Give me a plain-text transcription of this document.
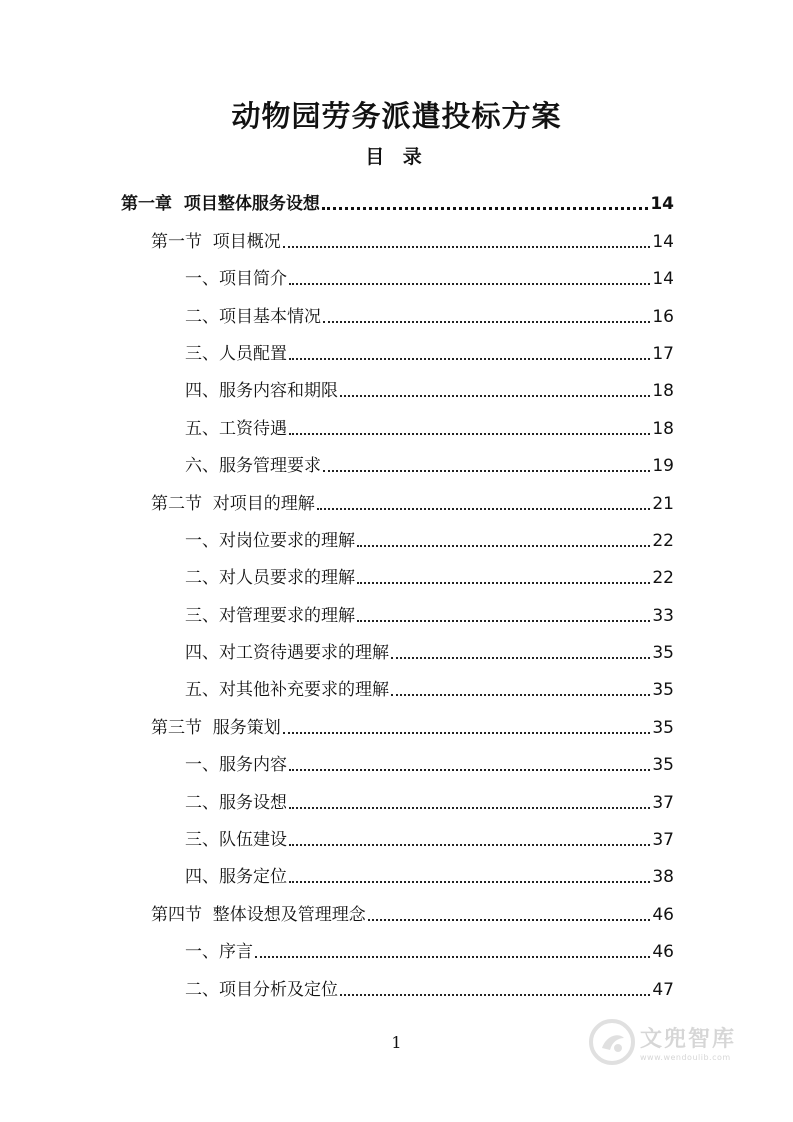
动物园劳务派遣投标方案
目 录
第一章  项目整体服务设想	14
第一节  项目概况	14
一、项目简介	14
二、项目基本情况	16
三、人员配置	17
四、服务内容和期限	18
五、工资待遇	18
六、服务管理要求	19
第二节  对项目的理解	21
一、对岗位要求的理解	22
二、对人员要求的理解	22
三、对管理要求的理解	33
四、对工资待遇要求的理解	35
五、对其他补充要求的理解	35
第三节  服务策划	35
一、服务内容	35
二、服务设想	37
三、队伍建设	37
四、服务定位	38
第四节  整体设想及管理理念	46
一、序言	46
二、项目分析及定位	47
1	文兜智库
www.wendoulib.com
